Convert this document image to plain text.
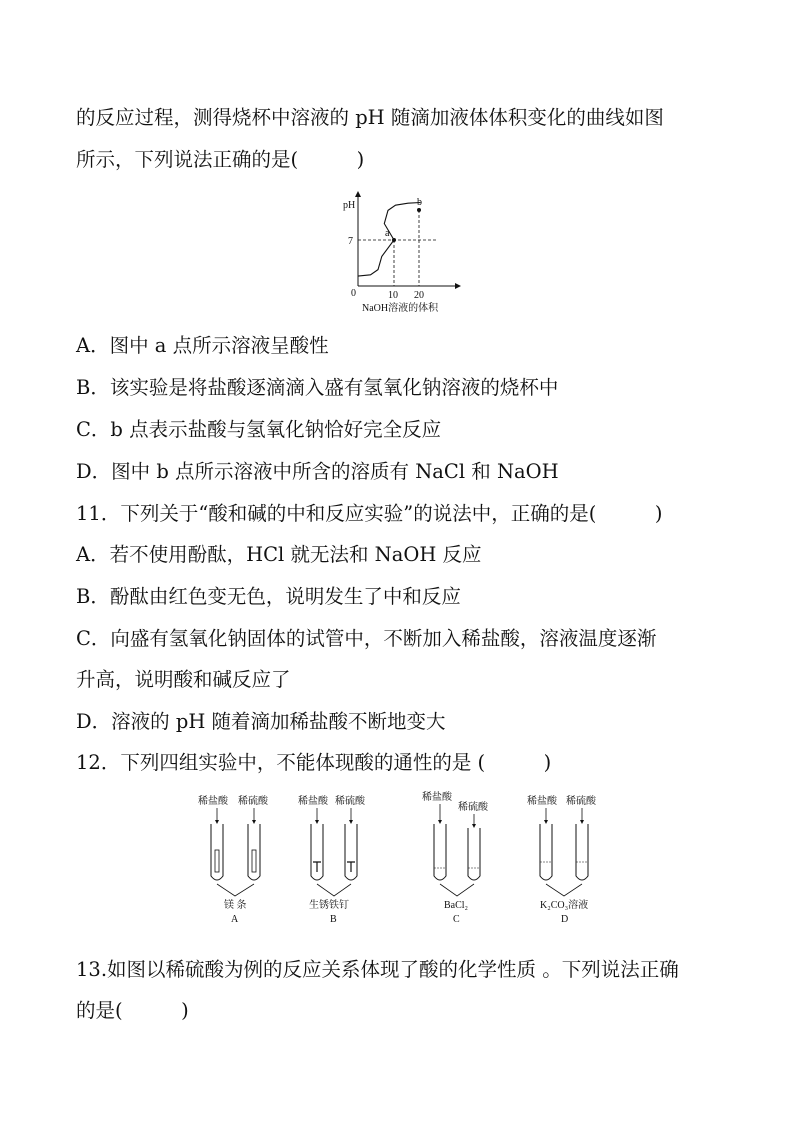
的反应过程，测得烧杯中溶液的 pH 随滴加液体体积变化的曲线如图
所示，下列说法正确的是(　　　)
pH
7
0	10 20
a
b
NaOH溶液的体积
A．图中 a 点所示溶液呈酸性
B．该实验是将盐酸逐滴滴入盛有氢氧化钠溶液的烧杯中
C．b 点表示盐酸与氢氧化钠恰好完全反应
D．图中 b 点所示溶液中所含的溶质有 NaCl 和 NaOH
11．下列关于“酸和碱的中和反应实验”的说法中，正确的是(　　　)
A．若不使用酚酞，HCl 就无法和 NaOH 反应
B．酚酞由红色变无色，说明发生了中和反应
C．向盛有氢氧化钠固体的试管中，不断加入稀盐酸，溶液温度逐渐
升高，说明酸和碱反应了
D．溶液的 pH 随着滴加稀盐酸不断地变大
12．下列四组实验中，不能体现酸的通性的是 (　　　)
稀盐酸 稀硫酸
镁 条
A
稀盐酸 稀硫酸
生锈铁钉
B
稀盐酸
稀硫酸
BaCl₂
C
稀盐酸 稀硫酸
K₂CO₃溶液
D
13.如图以稀硫酸为例的反应关系体现了酸的化学性质 。下列说法正确
的是(　　　)
